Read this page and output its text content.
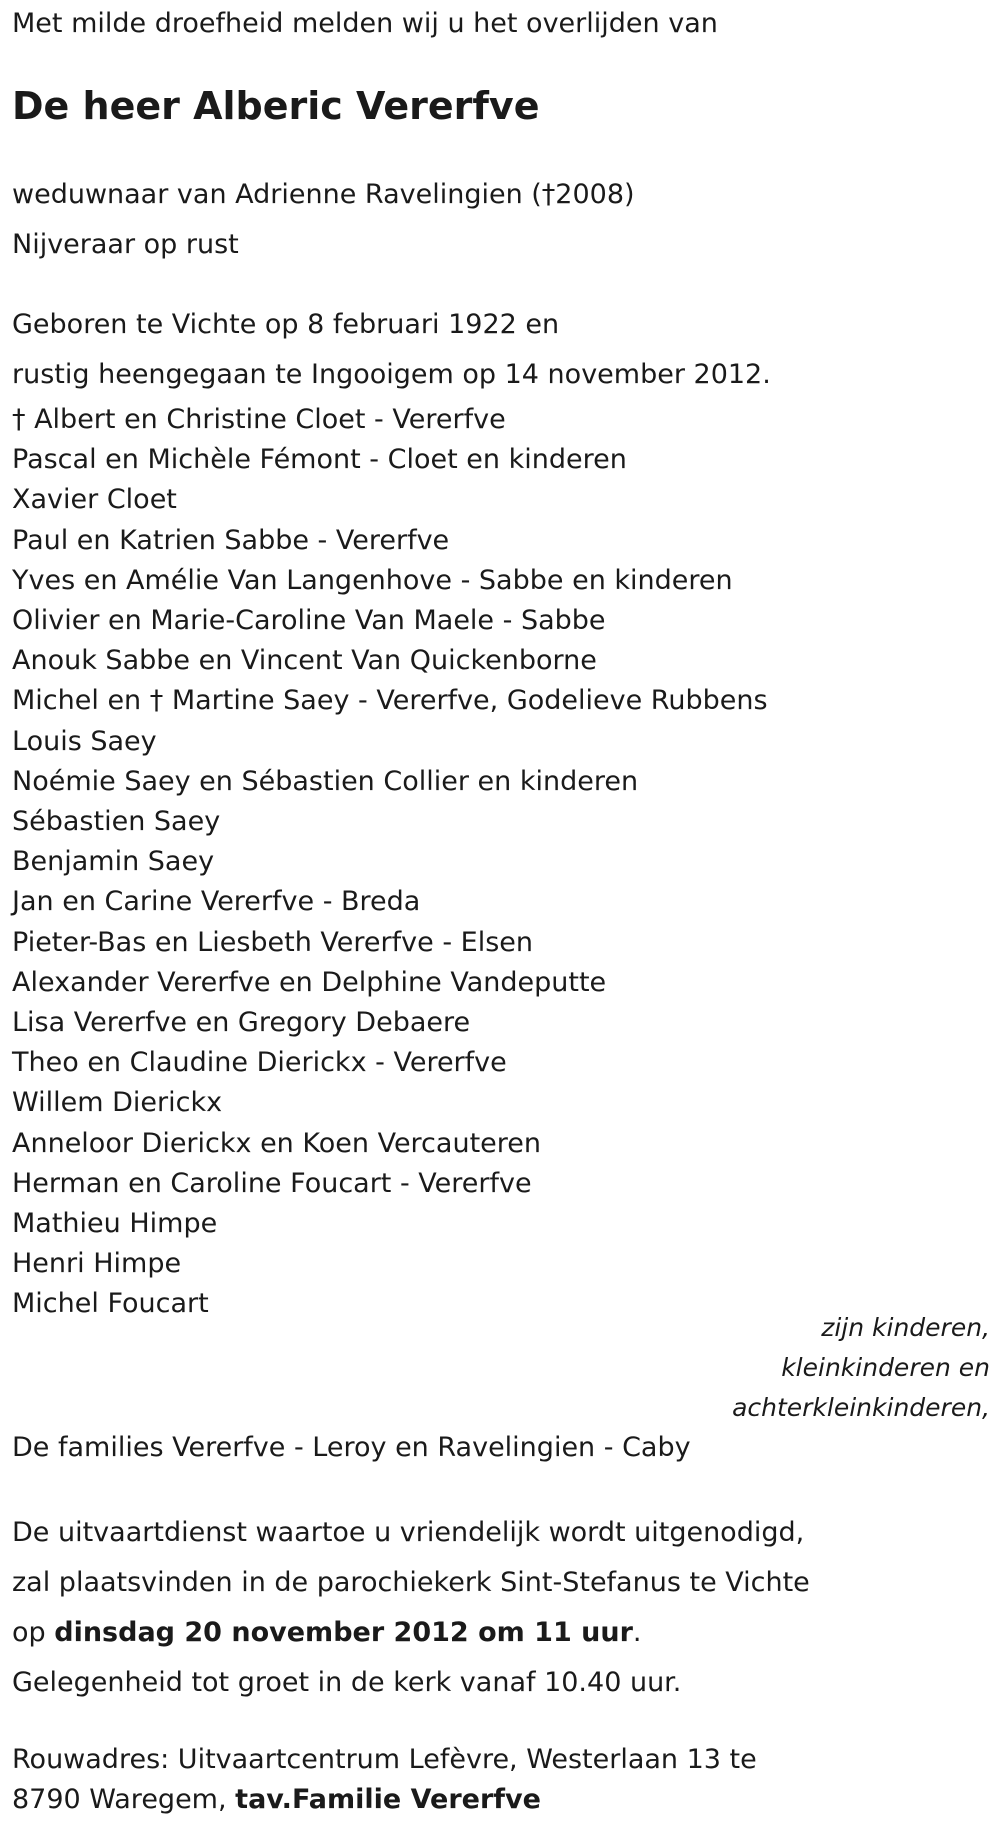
Met milde droefheid melden wij u het overlijden van

De heer Alberic Vererfve

weduwnaar van Adrienne Ravelingien (†2008)

Nijveraar op rust

Geboren te Vichte op 8 februari 1922 en

rustig heengegaan te Ingooigem op 14 november 2012.

† Albert en Christine Cloet - Vererfve

Pascal en Michèle Fémont - Cloet en kinderen

Xavier Cloet

Paul en Katrien Sabbe - Vererfve

Yves en Amélie Van Langenhove - Sabbe en kinderen

Olivier en Marie-Caroline Van Maele - Sabbe

Anouk Sabbe en Vincent Van Quickenborne

Michel en † Martine Saey - Vererfve, Godelieve Rubbens

Louis Saey

Noémie Saey en Sébastien Collier en kinderen

Sébastien Saey

Benjamin Saey

Jan en Carine Vererfve - Breda

Pieter-Bas en Liesbeth Vererfve - Elsen

Alexander Vererfve en Delphine Vandeputte

Lisa Vererfve en Gregory Debaere

Theo en Claudine Dierickx - Vererfve

Willem Dierickx

Anneloor Dierickx en Koen Vercauteren

Herman en Caroline Foucart - Vererfve

Mathieu Himpe

Henri Himpe

Michel Foucart

zijn kinderen,

kleinkinderen en

achterkleinkinderen,

De families Vererfve - Leroy en Ravelingien - Caby

De uitvaartdienst waartoe u vriendelijk wordt uitgenodigd,

zal plaatsvinden in de parochiekerk Sint-Stefanus te Vichte

op dinsdag 20 november 2012 om 11 uur.

Gelegenheid tot groet in de kerk vanaf 10.40 uur.

Rouwadres: Uitvaartcentrum Lefèvre, Westerlaan 13 te

8790 Waregem, tav.Familie Vererfve
